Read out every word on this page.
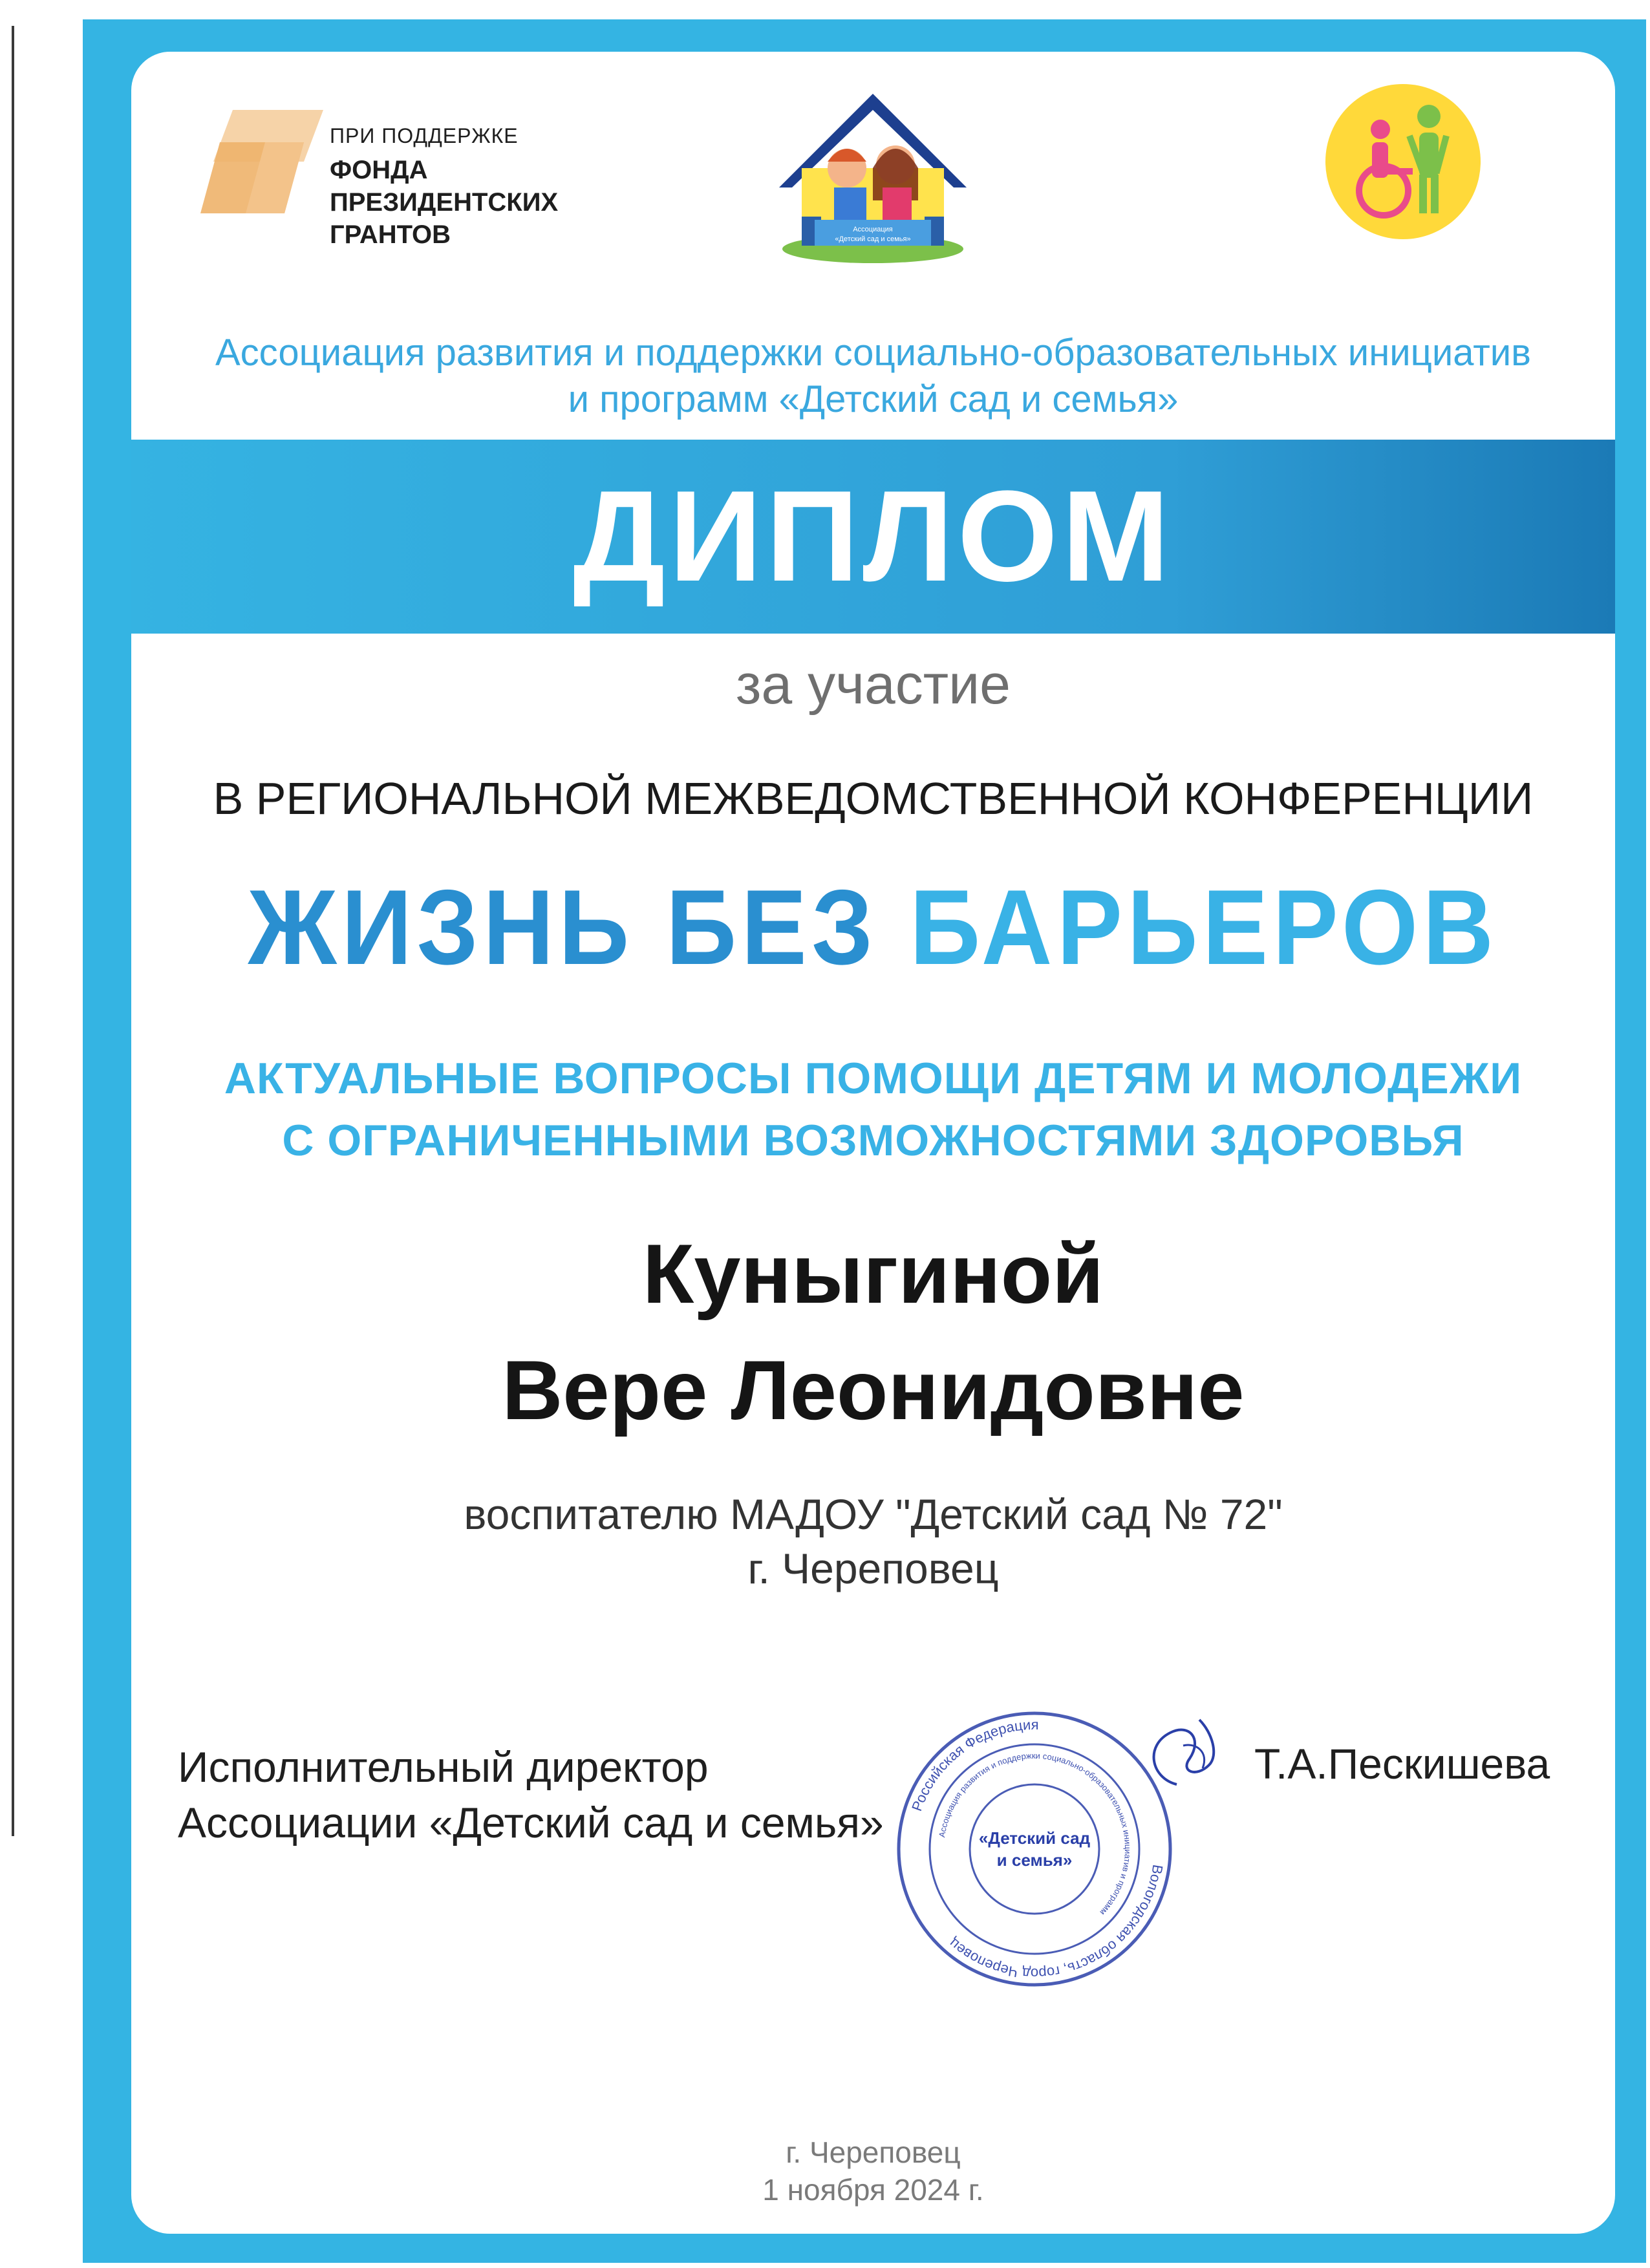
ПРИ ПОДДЕРЖКЕ
ФОНДА
ПРЕЗИДЕНТСКИХ
ГРАНТОВ	Ассоциация
«Детский сад и семья»
Ассоциация развития и поддержки социально-образовательных инициатив
и программ «Детский сад и семья»
ДИПЛОМ
за участие
В РЕГИОНАЛЬНОЙ МЕЖВЕДОМСТВЕННОЙ КОНФЕРЕНЦИИ
ЖИЗНЬ БЕЗ БАРЬЕРОВ
АКТУАЛЬНЫЕ ВОПРОСЫ ПОМОЩИ ДЕТЯМ И МОЛОДЕЖИ
С ОГРАНИЧЕННЫМИ ВОЗМОЖНОСТЯМИ ЗДОРОВЬЯ
Куныгиной
Вере Леонидовне
воспитателю МАДОУ "Детский сад № 72"
г. Череповец
Исполнительный директор
Ассоциации «Детский сад и семья»
Т.А.Пескишева
Российская Федерация
Вологодская область, город Череповец
Ассоциация развития и поддержки социально-образовательных инициатив и программ
«Детский сад
и семья»
г. Череповец
1 ноября 2024 г.
